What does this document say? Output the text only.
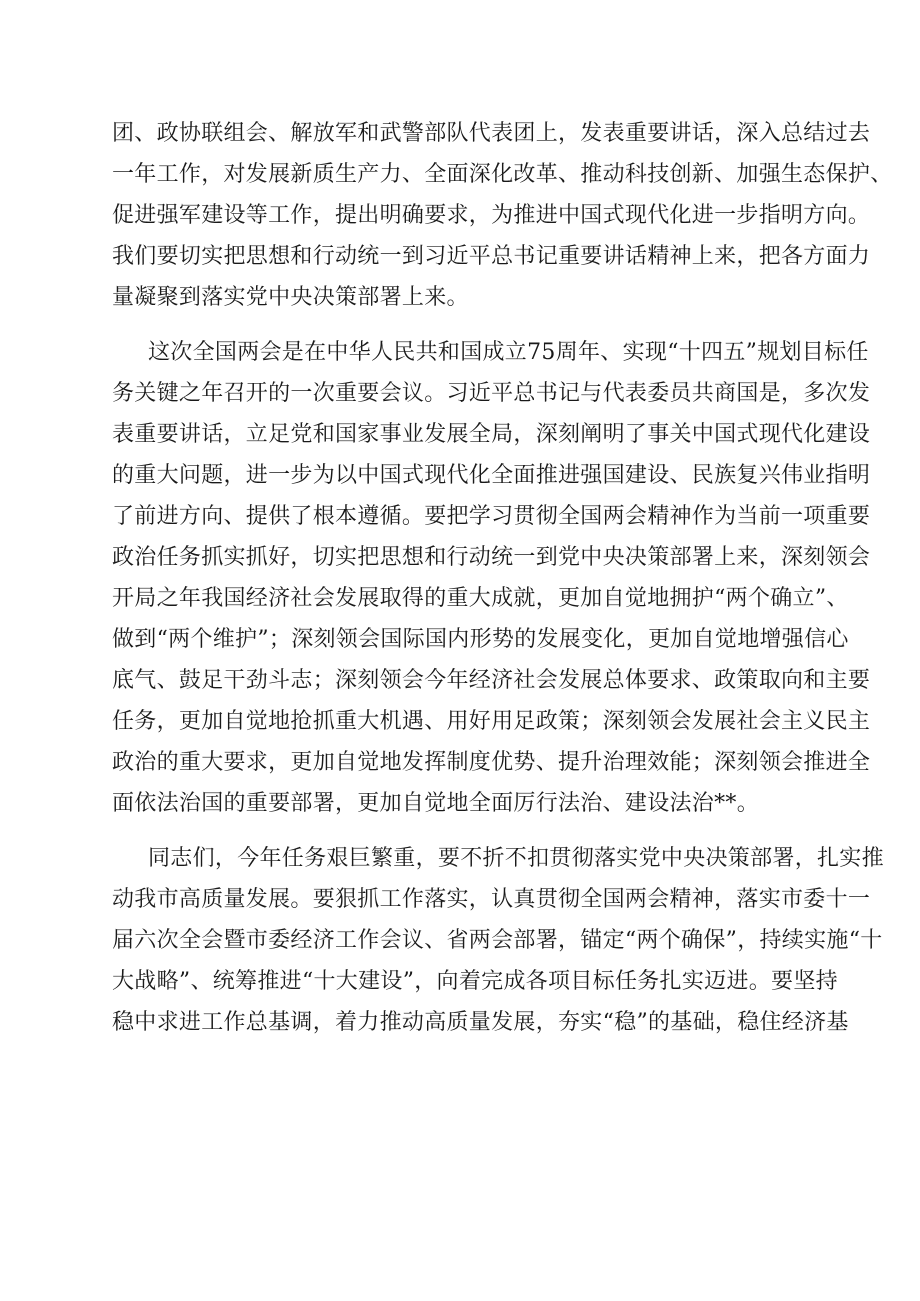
团、政协联组会、解放军和武警部队代表团上，发表重要讲话，深入总结过去
一年工作，对发展新质生产力、全面深化改革、推动科技创新、加强生态保护、
促进强军建设等工作，提出明确要求，为推进中国式现代化进一步指明方向。
我们要切实把思想和行动统一到习近平总书记重要讲话精神上来，把各方面力
量凝聚到落实党中央决策部署上来。
这次全国两会是在中华人民共和国成立75周年、实现“十四五”规划目标任
务关键之年召开的一次重要会议。习近平总书记与代表委员共商国是，多次发
表重要讲话，立足党和国家事业发展全局，深刻阐明了事关中国式现代化建设
的重大问题，进一步为以中国式现代化全面推进强国建设、民族复兴伟业指明
了前进方向、提供了根本遵循。要把学习贯彻全国两会精神作为当前一项重要
政治任务抓实抓好，切实把思想和行动统一到党中央决策部署上来，深刻领会
开局之年我国经济社会发展取得的重大成就，更加自觉地拥护“两个确立”、
做到“两个维护”；深刻领会国际国内形势的发展变化，更加自觉地增强信心
底气、鼓足干劲斗志；深刻领会今年经济社会发展总体要求、政策取向和主要
任务，更加自觉地抢抓重大机遇、用好用足政策；深刻领会发展社会主义民主
政治的重大要求，更加自觉地发挥制度优势、提升治理效能；深刻领会推进全
面依法治国的重要部署，更加自觉地全面厉行法治、建设法治**。
同志们，今年任务艰巨繁重，要不折不扣贯彻落实党中央决策部署，扎实推
动我市高质量发展。要狠抓工作落实，认真贯彻全国两会精神，落实市委十一
届六次全会暨市委经济工作会议、省两会部署，锚定“两个确保”，持续实施“十
大战略”、统筹推进“十大建设”，向着完成各项目标任务扎实迈进。要坚持
稳中求进工作总基调，着力推动高质量发展，夯实“稳”的基础，稳住经济基
